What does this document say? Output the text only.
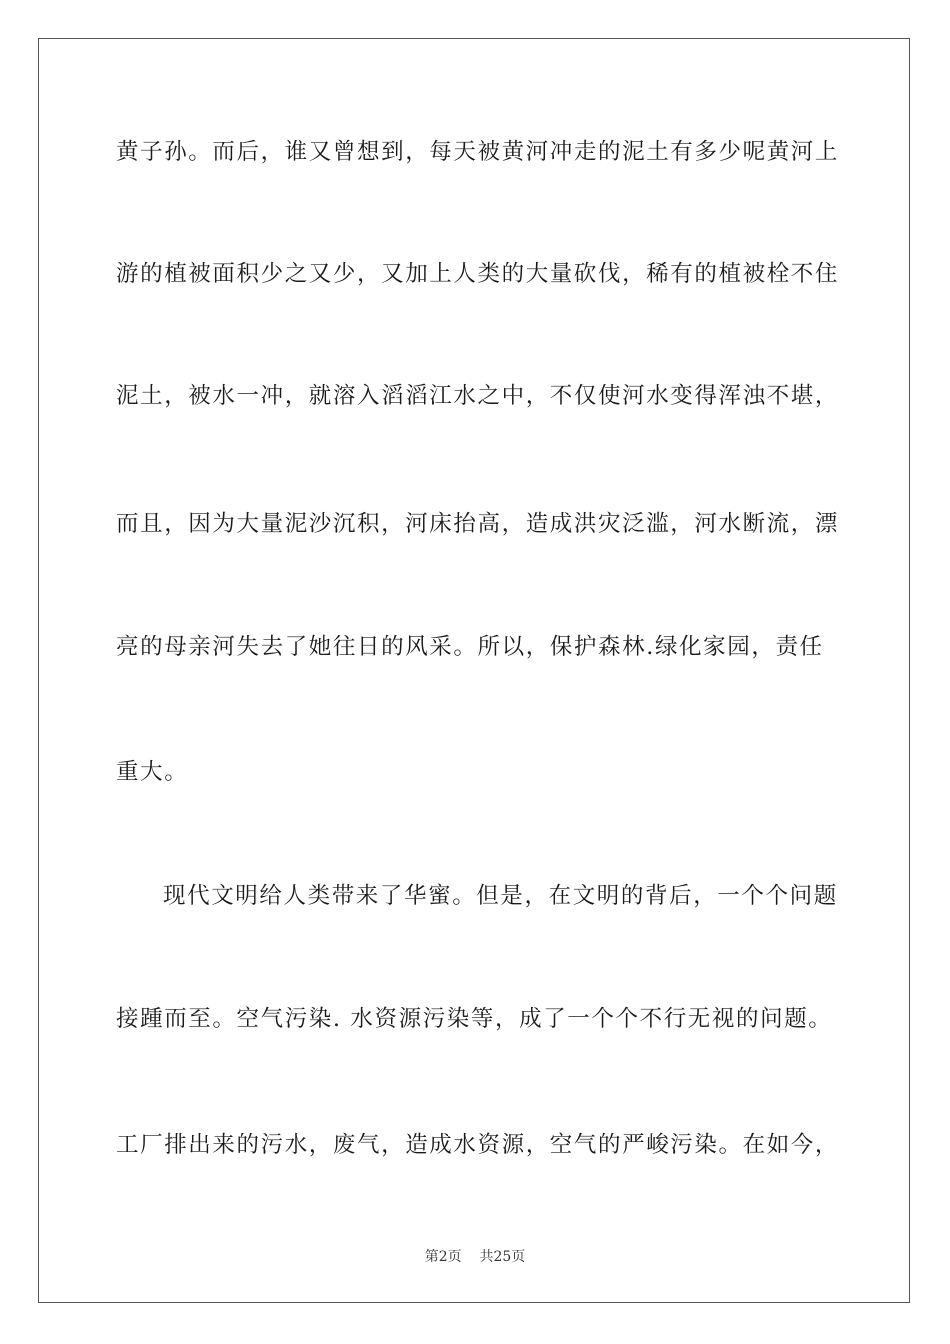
黄子孙。而后，谁又曾想到，每天被黄河冲走的泥土有多少呢黄河上

游的植被面积少之又少，又加上人类的大量砍伐，稀有的植被栓不住

泥土，被水一冲，就溶入滔滔江水之中，不仅使河水变得浑浊不堪，

而且，因为大量泥沙沉积，河床抬高，造成洪灾泛滥，河水断流，漂

亮的母亲河失去了她往日的风采。所以，保护森林.绿化家园，责任

重大。

现代文明给人类带来了华蜜。但是，在文明的背后，一个个问题

接踵而至。空气污染. 水资源污染等，成了一个个不行无视的问题。

工厂排出来的污水，废气，造成水资源，空气的严峻污染。在如今，

第2页    共25页
